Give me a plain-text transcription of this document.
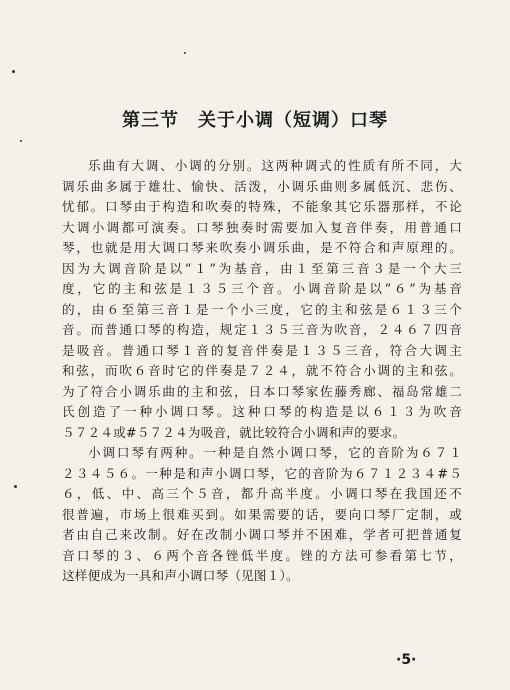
第三节　关于小调（短调）口琴
乐曲有大调、小调的分别。这两种调式的性质有所不同，大
调乐曲多属于雄壮、愉快、活泼，小调乐曲则多属低沉、悲伤、
忧郁。口琴由于构造和吹奏的特殊，不能象其它乐器那样，不论
大调小调都可演奏。口琴独奏时需要加入复音伴奏，用普通口
琴，也就是用大调口琴来吹奏小调乐曲，是不符合和声原理的。
因为大调音阶是以“１”为基音，由１至第三音３是一个大三
度，它的主和弦是１３５三个音。小调音阶是以“６”为基音
的，由６至第三音１是一个小三度，它的主和弦是６１３三个
音。而普通口琴的构造，规定１３５三音为吹音，２４６７四音
是吸音。普通口琴１音的复音伴奏是１３５三音，符合大调主
和弦，而吹６音时它的伴奏是７２４，就不符合小调的主和弦。
为了符合小调乐曲的主和弦，日本口琴家佐藤秀廊、福岛常雄二
氏创造了一种小调口琴。这种口琴的构造是以６１３为吹音
５７２４或#５７２４为吸音，就比较符合小调和声的要求。
小调口琴有两种。一种是自然小调口琴，它的音阶为６７１
２３４５６。一种是和声小调口琴，它的音阶为６７１２３４#５
６，低、中、高三个５音，都升高半度。小调口琴在我国还不
很普遍，市场上很难买到。如果需要的话，要向口琴厂定制，或
者由自己来改制。好在改制小调口琴并不困难，学者可把普通复
音口琴的３、６两个音各锉低半度。锉的方法可参看第七节，
这样便成为一具和声小调口琴（见图１）。
·5·
